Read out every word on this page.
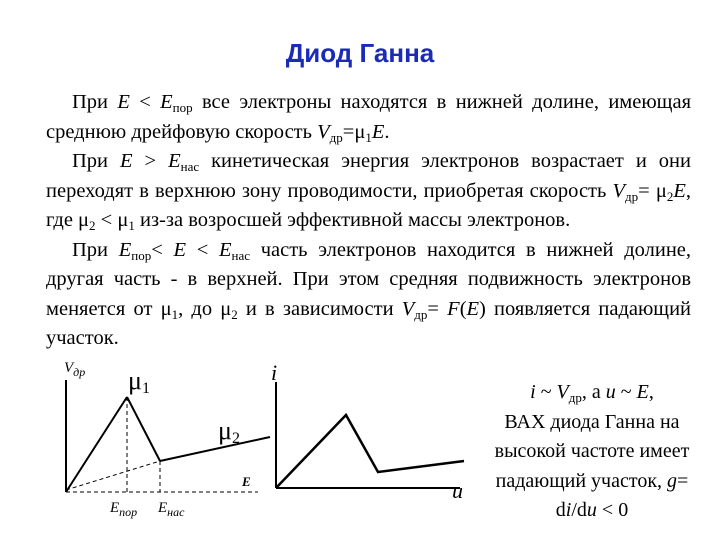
Диод Ганна

При $E < E_{пор}$ все электроны находятся в нижней долине, имеющая среднюю дрейфовую скорость $V_{др}=\mu_1E$.

При $E > E_{нас}$ кинетическая энергия электронов возрастает и они переходят в верхнюю зону проводимости, приобретая скорость $V_{др}= \mu_2E$, где $\mu_2 < \mu_1$ из-за возросшей эффективной массы электронов.

При $E_{пор}< E < E_{нас}$ часть электронов находится в нижней долине, другая часть - в верхней. При этом средняя подвижность электронов меняется от $\mu_1$, до $\mu_2$ и в зависимости $V_{др}= F(E)$ появляется падающий участок.

$V_{др}$ $\mu_1$
$\mu_2$
E
$E_{пор}$ $E_{нас}$
i
u
i ~ $V_{др}$, а u ~ E,
ВАХ диода Ганна на высокой частоте имеет падающий участок, g= di/du < 0
